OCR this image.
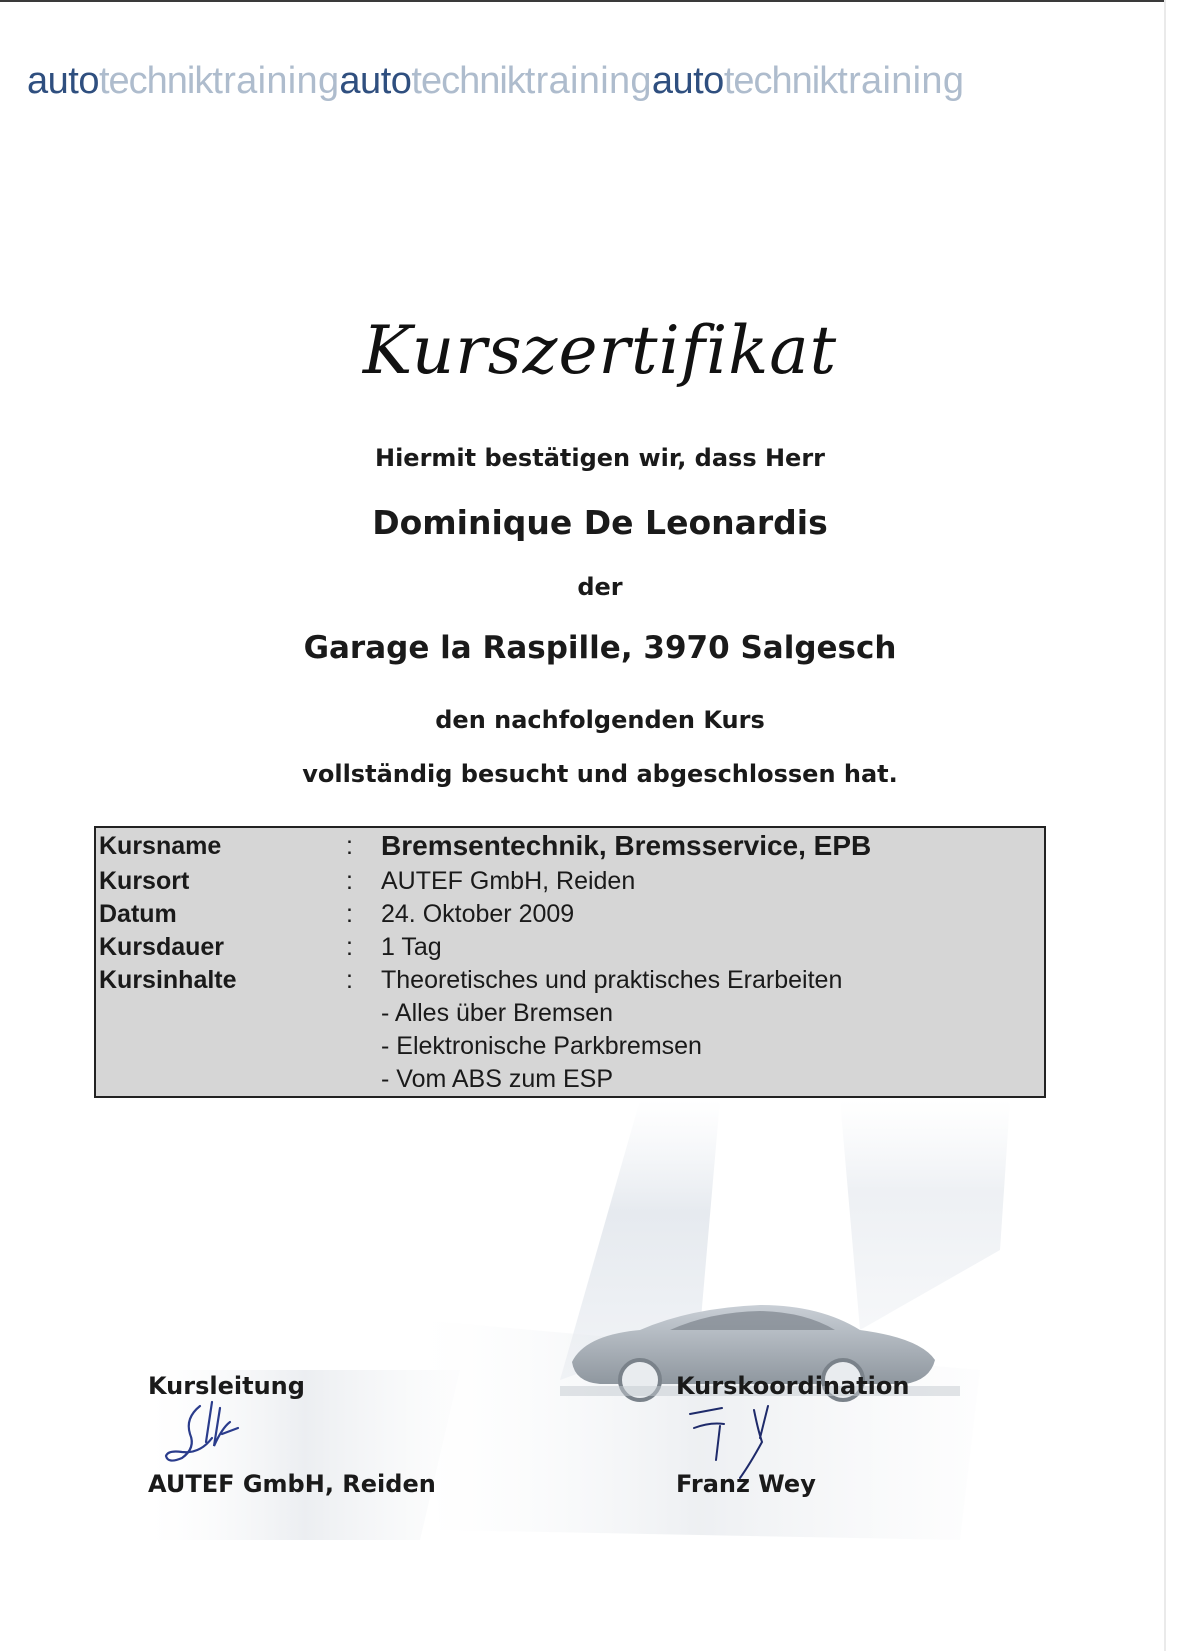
autotechniktrainingautotechniktrainingautotechniktraining
Kurszertifikat
Hiermit bestätigen wir, dass Herr
Dominique De Leonardis
der
Garage la Raspille, 3970 Salgesch
den nachfolgenden Kurs
vollständig besucht und abgeschlossen hat.
Kursname	: Bremsentechnik, Bremsservice, EPB
Kursort	: AUTEF GmbH, Reiden
Datum	: 24. Oktober 2009
Kursdauer	: 1 Tag
Kursinhalte	: Theoretisches und praktisches Erarbeiten
- Alles über Bremsen
- Elektronische Parkbremsen
- Vom ABS zum ESP
Kursleitung
AUTEF GmbH, Reiden
Kurskoordination
Franz Wey
